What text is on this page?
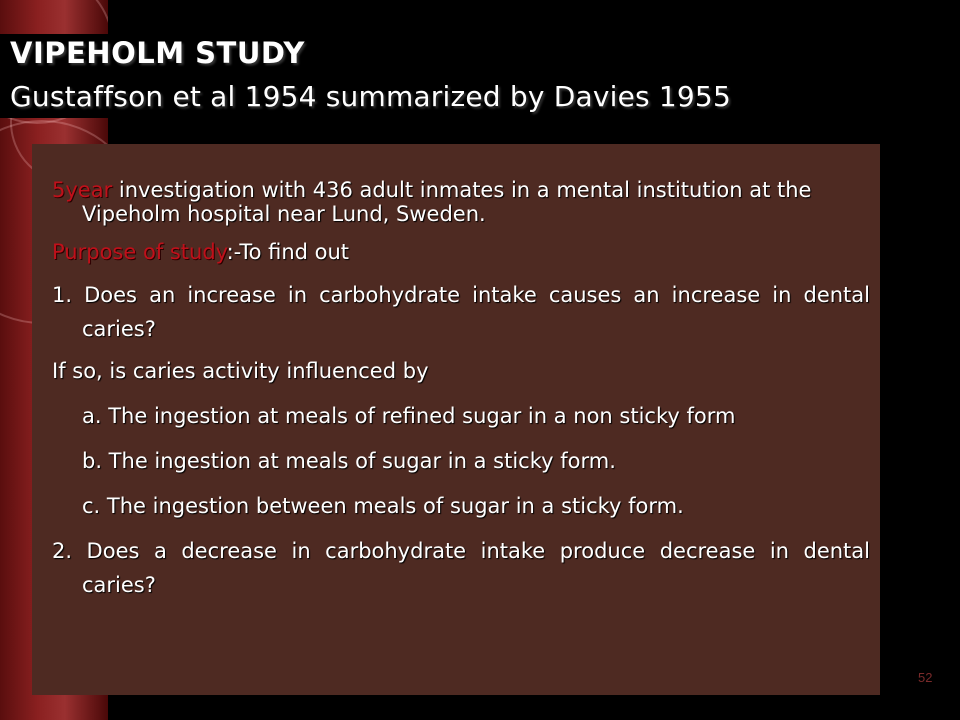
VIPEHOLM STUDY
Gustaffson et al 1954 summarized by Davies 1955

5year investigation with 436 adult inmates in a mental institution at the Vipeholm hospital near Lund, Sweden.

Purpose of study:-To find out

1. Does an increase in carbohydrate intake causes an increase in dental caries?

If so, is caries activity influenced by

a. The ingestion at meals of refined sugar in a non sticky form

b. The ingestion at meals of sugar in a sticky form.

c. The ingestion between meals of sugar in a sticky form.

2. Does a decrease in carbohydrate intake produce decrease in dental caries?

52
